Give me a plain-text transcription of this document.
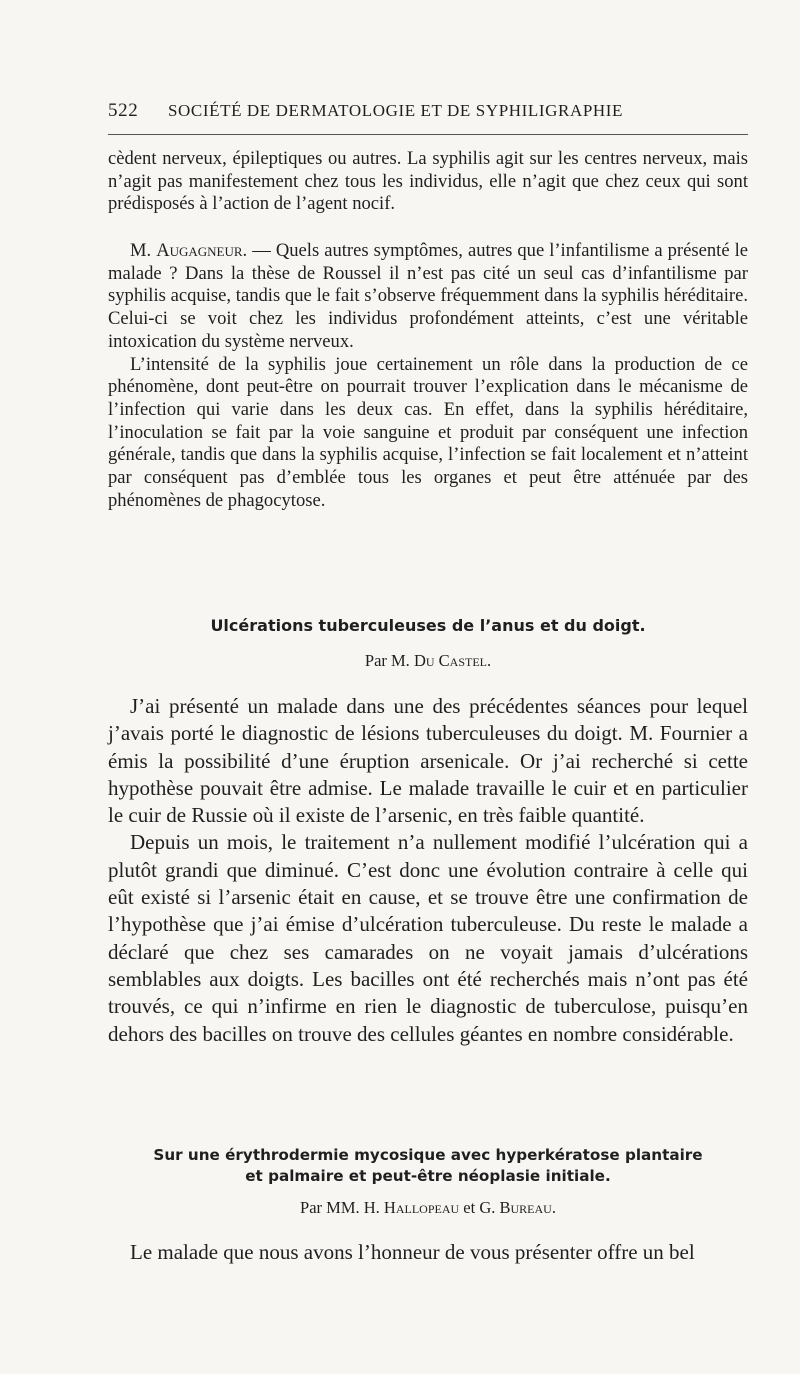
522	SOCIÉTÉ DE DERMATOLOGIE ET DE SYPHILIGRAPHIE

cèdent nerveux, épileptiques ou autres. La syphilis agit sur les centres nerveux, mais n’agit pas manifestement chez tous les individus, elle n’agit que chez ceux qui sont prédisposés à l’action de l’agent nocif.

M. Augagneur. — Quels autres symptômes, autres que l’infantilisme a présenté le malade ? Dans la thèse de Roussel il n’est pas cité un seul cas d’infantilisme par syphilis acquise, tandis que le fait s’observe fréquemment dans la syphilis héréditaire. Celui-ci se voit chez les individus profondément atteints, c’est une véritable intoxication du système nerveux.

L’intensité de la syphilis joue certainement un rôle dans la production de ce phénomène, dont peut-être on pourrait trouver l’explication dans le mécanisme de l’infection qui varie dans les deux cas. En effet, dans la syphilis héréditaire, l’inoculation se fait par la voie sanguine et produit par conséquent une infection générale, tandis que dans la syphilis acquise, l’infection se fait localement et n’atteint par conséquent pas d’emblée tous les organes et peut être atténuée par des phénomènes de phagocytose.

Ulcérations tuberculeuses de l’anus et du doigt.
Par M. Du Castel.

J’ai présenté un malade dans une des précédentes séances pour lequel j’avais porté le diagnostic de lésions tuberculeuses du doigt. M. Fournier a émis la possibilité d’une éruption arsenicale. Or j’ai recherché si cette hypothèse pouvait être admise. Le malade travaille le cuir et en particulier le cuir de Russie où il existe de l’arsenic, en très faible quantité.

Depuis un mois, le traitement n’a nullement modifié l’ulcération qui a plutôt grandi que diminué. C’est donc une évolution contraire à celle qui eût existé si l’arsenic était en cause, et se trouve être une confirmation de l’hypothèse que j’ai émise d’ulcération tuberculeuse. Du reste le malade a déclaré que chez ses camarades on ne voyait jamais d’ulcérations semblables aux doigts. Les bacilles ont été recherchés mais n’ont pas été trouvés, ce qui n’infirme en rien le diagnostic de tuberculose, puisqu’en dehors des bacilles on trouve des cellules géantes en nombre considérable.

Sur une érythrodermie mycosique avec hyperkératose plantaire
et palmaire et peut-être néoplasie initiale.
Par MM. H. Hallopeau et G. Bureau.

Le malade que nous avons l’honneur de vous présenter offre un bel
